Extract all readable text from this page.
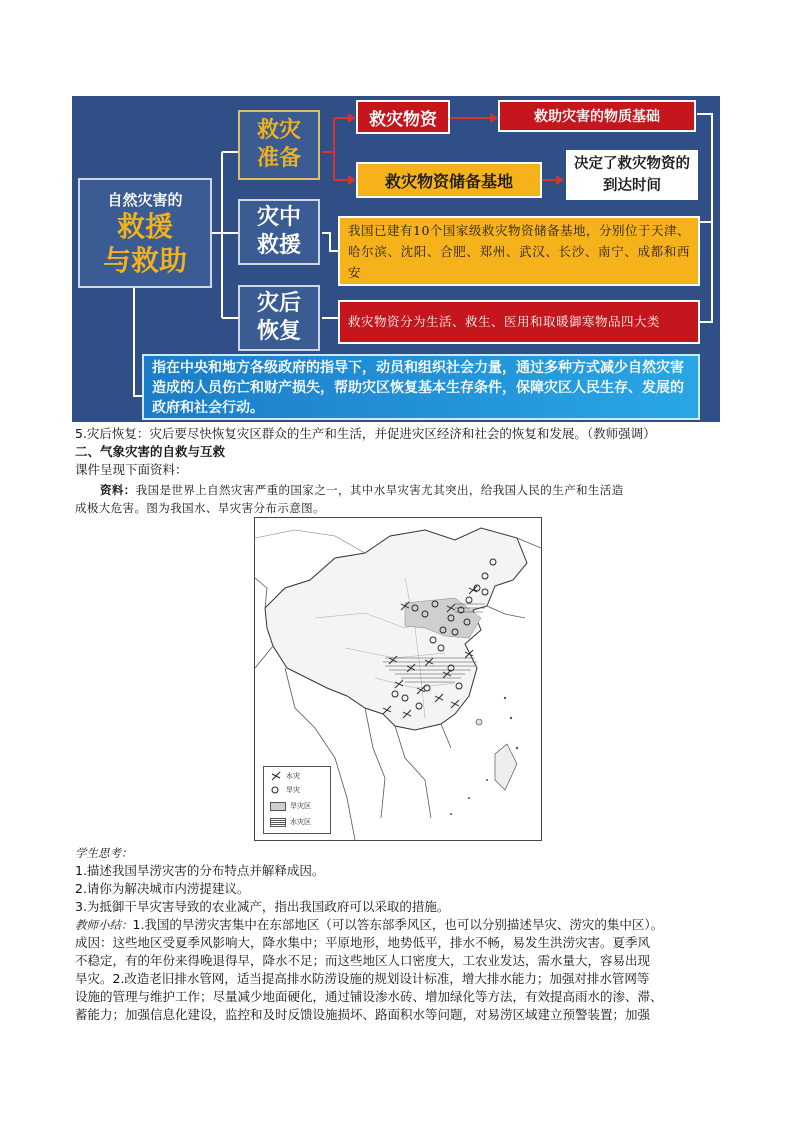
自然灾害的
救援
与救助
救灾
准备
灾中
救援
灾后
恢复
救灾物资	救助灾害的物质基础
救灾物资储备基地
决定了救灾物资的到达时间
我国已建有10个国家级救灾物资储备基地，分别位于天津、哈尔滨、沈阳、合肥、郑州、武汉、长沙、南宁、成都和西安
救灾物资分为生活、救生、医用和取暖御寒物品四大类
指在中央和地方各级政府的指导下，动员和组织社会力量，通过多种方式减少自然灾害造成的人员伤亡和财产损失，帮助灾区恢复基本生存条件，保障灾区人民生存、发展的政府和社会行动。
5.灾后恢复：灾后要尽快恢复灾区群众的生产和生活，并促进灾区经济和社会的恢复和发展。（教师强调）
二、气象灾害的自救与互救
课件呈现下面资料：
资料：我国是世界上自然灾害严重的国家之一，其中水旱灾害尤其突出，给我国人民的生产和生活造
成极大危害。图为我国水、旱灾害分布示意图。
水灾
旱灾
旱灾区
水灾区
学生思考：
1.描述我国旱涝灾害的分布特点并解释成因。
2.请你为解决城市内涝提建议。
3.为抵御干旱灾害导致的农业减产，指出我国政府可以采取的措施。
教师小结：1.我国的旱涝灾害集中在东部地区（可以答东部季风区，也可以分别描述旱灾、涝灾的集中区）。
成因：这些地区受夏季风影响大，降水集中；平原地形，地势低平，排水不畅，易发生洪涝灾害。夏季风
不稳定，有的年份来得晚退得早，降水不足；而这些地区人口密度大，工农业发达，需水量大，容易出现
旱灾。2.改造老旧排水管网，适当提高排水防涝设施的规划设计标准，增大排水能力；加强对排水管网等
设施的管理与维护工作；尽量减少地面硬化，通过铺设渗水砖、增加绿化等方法，有效提高雨水的渗、滞、
蓄能力；加强信息化建设，监控和及时反馈设施损坏、路面积水等问题，对易涝区域建立预警装置；加强
